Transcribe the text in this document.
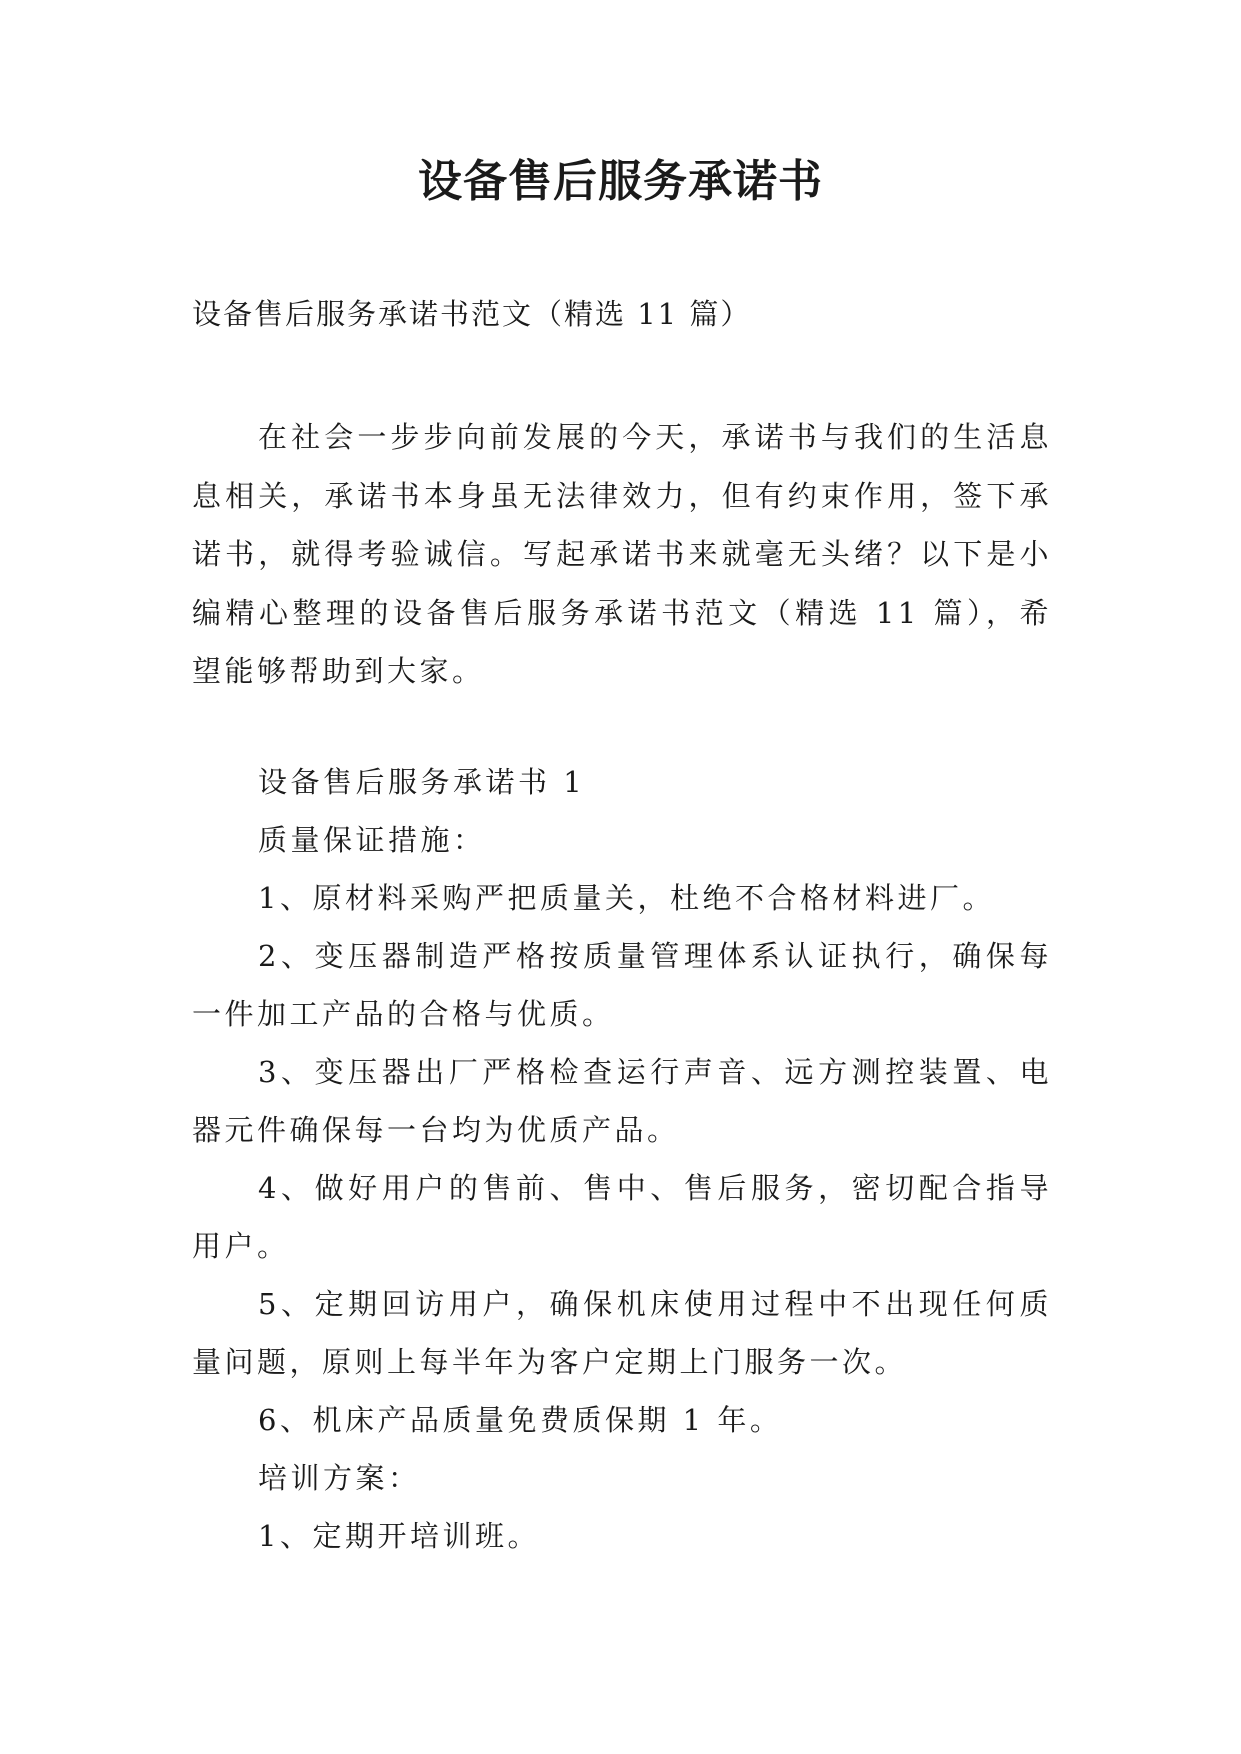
设备售后服务承诺书
设备售后服务承诺书范文（精选 11 篇）

在社会一步步向前发展的今天，承诺书与我们的生活息息相关，承诺书本身虽无法律效力，但有约束作用，签下承诺书，就得考验诚信。写起承诺书来就毫无头绪？以下是小编精心整理的设备售后服务承诺书范文（精选 11 篇），希望能够帮助到大家。

设备售后服务承诺书 1

质量保证措施：

1、原材料采购严把质量关，杜绝不合格材料进厂。

2、变压器制造严格按质量管理体系认证执行，确保每一件加工产品的合格与优质。

3、变压器出厂严格检查运行声音、远方测控装置、电器元件确保每一台均为优质产品。

4、做好用户的售前、售中、售后服务，密切配合指导用户。

5、定期回访用户，确保机床使用过程中不出现任何质量问题，原则上每半年为客户定期上门服务一次。

6、机床产品质量免费质保期 1 年。

培训方案：

1、定期开培训班。
